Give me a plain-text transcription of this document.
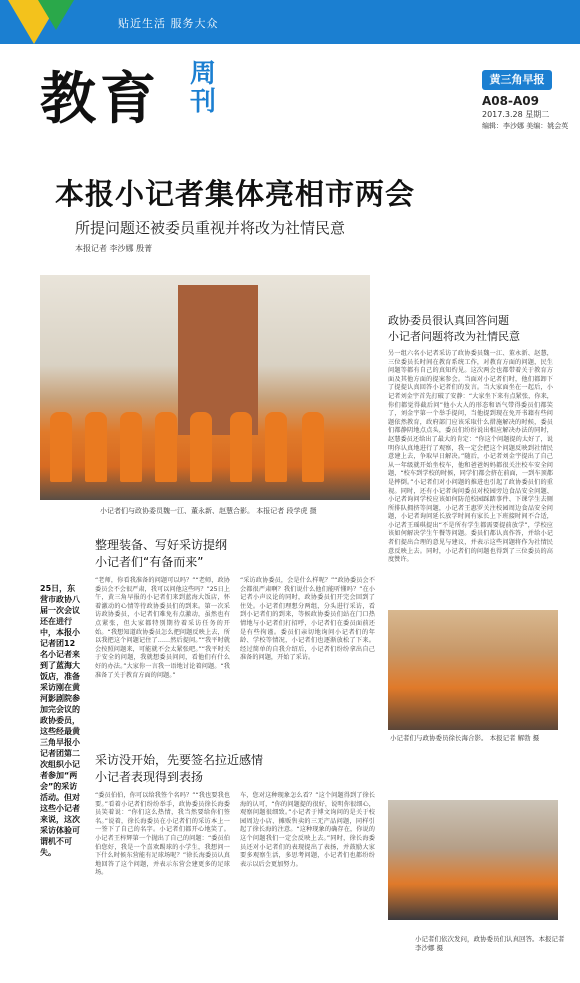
贴近生活 服务大众
教育 周刊
黄三角早报
A08-A09
2017.3.28 星期二
编辑：李沙娜 美编：姚会英
本报小记者集体亮相市两会
所提问题还被委员重视并将改为社情民意
本报记者 李沙娜 殷菁
小记者们与政协委员魏一江、董永新、赵慧合影。 本报记者 段学虎 摄
政协委员很认真回答问题
小记者问题将改为社情民意
另一组六名小记者采访了政协委员魏一江、董永新、赵慧，三位委员长时间在教育系统工作，对教育方面的问题，民生问题等都有自己的真知灼见。这次两会也都带着关于教育方面及其他方面的提案参会。当面对小记者们时，他们都卸下了提提认真回答小记者们的发言。当大家面坐在一起后，小记者刘金宇首先打破了安静：“大家坐下来有点紧张，你来，你们都觉得截后问”他小大人的形态和语气带得委员们都笑了，刘金宇第一个举手提问，当他提到现在免开书籍有些问题依然教育，政府部门应该采取什么措施解决的时候，委员们都静阴地点点头，委员们纷纷说出相应解决办法的同时，赵慧委员还给出了最大的肯定：“你这个问题提的太好了，说明你认真地进行了观察，我一定会把这个问题反映到社情民意建上去，争取早日解决。”随后，小记者刘金宇提出了自己从一年级就开始坐校车，他和爸爸妈妈都很关注校车安全问题，“校车到学校的时候，同学们都会挤在前面，一到车顶都是摔倒。”小记者们对小问题的推进也引起了政协委员们的重视。同时，还有小记者询问委员对校园旁边食品安全问题、小记者询问学校应该如何防范校园踩踏事件、下课学生去厕所排队拥挤等问题，小记者王惠罗关注校园周边食品安全问题，小记者询问延长放学时间有家长上下班接时间不合适，小记者王瑶琪提出“不是所有学生都需要提前放学”，学校应该如何解决学生午餐等问题。委员们都认真作答，并给小记者们提出合理的意见与建议，并表示这些问题将作为社情民意反映上去。同时，小记者们的问题也得到了三位委员的高度赞许。
25日，东营市政协八届一次会议还在进行中，本报小记者团12名小记者来到了蓝海大饭店，准备采访刚在黄河影剧院参加完会议的政协委员，这些经最黄三角早报小记者团第二次组织小记者参加“两会”的采访活动。但对这些小记者来说，这次采访体验可谓机不可失。
整理装备、写好采访提纲
小记者们“有备而来”
“老师，你看我准备的问题可以吗？”“老师，政协委员会不会很严肃，我可以问他这些吗？”25日上午，黄三角早报的小记者们来到蓝海大饭店，怀着激动的心情等待政协委员们的到来。第一次采访政协委员，小记者们难免有点激动，虽然也有点紧张，但大家都特别期待着采访任务的开始。“我想知道政协委员怎么把问题反映上去，所以我把这个问题记住了……然后提问。”“我平时就会按照问题来，可能就不会太紧张吧。”“我平时关于安全的问题，我就想委员问问，看他们有什么好的办法。”大家你一言我一语地讨论着问题。“我准备了关于教育方面的问题。”
“采访政协委员，会是什么样呢？”“政协委员会不会都很严肃啊？我们说什么他们能听懂吗？”在小记者小声议论的同时，政协委员们开完会回到了住处。小记者们理想分两组，分头进行采访，看到小记者们的到来，等候政协委员们站在门口热情地与小记者们打招呼，小记者们在委员面前还是有些拘谨。委员们亲切地询问小记者们的年龄、学校等情况，小记者们也逐渐放松了下来。经过简单的自我介绍后，小记者们纷纷拿出自己准备的问题，开始了采访。
采访没开始，先要签名拉近感情
小记者表现得到表扬
“委员伯伯，你可以给我签个名吗？”“我也要我也要。”看着小记者们纷纷举手，政协委员徐长海委员笑着说：“你们这么热情，我当然要给你们签名。”说着，徐长海委员在小记者们的采访本上一一签下了自己的名字。小记者们都开心地笑了。小记者王梓辉第一个抛出了自己的问题：“委员伯伯您好，我是一个喜欢踢球的小学生，我想问一下什么时候东营能有足球场呢？”徐长海委员认真地回答了这个问题，并表示东营会建更多的足球场。
车，您对这种现象怎么看？”这个问题得到了徐长海的认可，“你的问题提的很好，说明你很细心，观察问题很细致。”小记者于博文询问的是关于校园周边小店、摊贩售卖的三无产品问题，同样引起了徐长海的注意。“这种现象的确存在，你说的这个问题我们一定会反映上去。”同时，徐长海委员还对小记者们的表现提出了表扬，并鼓励大家要多观察生活，多思考问题，小记者们也都纷纷表示以后会更加努力。
小记者们与政协委员徐长海合影。 本报记者 解勃 摄
小记者们依次发问，政协委员们认真回答。本报记者 李沙娜 摄
